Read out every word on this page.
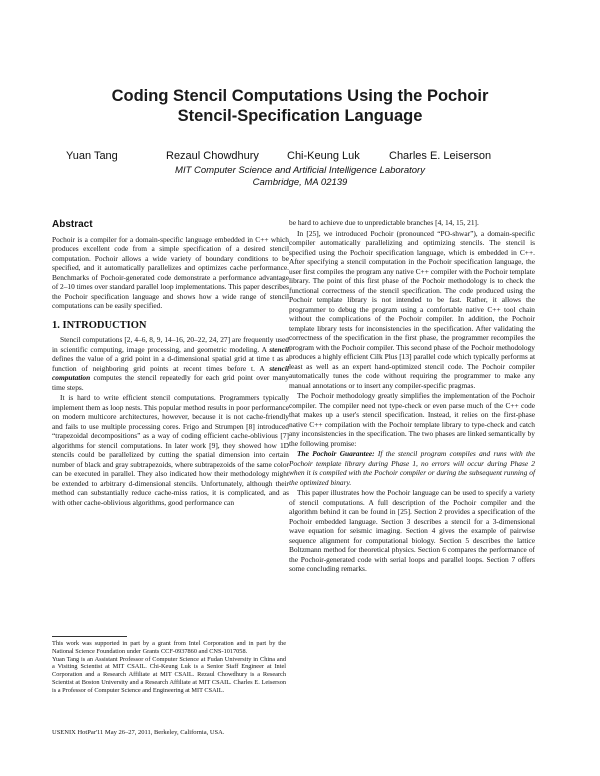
Coding Stencil Computations Using the Pochoir
Stencil-Specification Language
Yuan Tang	Rezaul Chowdhury	Chi-Keung Luk	Charles E. Leiserson
MIT Computer Science and Artificial Intelligence Laboratory
Cambridge, MA 02139
Abstract

Pochoir is a compiler for a domain-specific language embedded in C++ which produces excellent code from a simple specification of a desired stencil computation. Pochoir allows a wide variety of boundary conditions to be specified, and it automatically parallelizes and optimizes cache performance. Benchmarks of Pochoir-generated code demonstrate a performance advantage of 2–10 times over standard parallel loop implementations. This paper describes the Pochoir specification language and shows how a wide range of stencil computations can be easily specified.

1. INTRODUCTION

Stencil computations [2, 4–6, 8, 9, 14–16, 20–22, 24, 27] are frequently used in scientific computing, image processing, and geometric modeling. A stencil defines the value of a grid point in a d-dimensional spatial grid at time t as a function of neighboring grid points at recent times before t. A stencil computation computes the stencil repeatedly for each grid point over many time steps.

It is hard to write efficient stencil computations. Programmers typically implement them as loop nests. This popular method results in poor performance on modern multicore architectures, however, because it is not cache-friendly and fails to use multiple processing cores. Frigo and Strumpen [8] introduced “trapezoidal decompositions” as a way of coding efficient cache-oblivious [7] algorithms for stencil computations. In later work [9], they showed how 1D stencils could be parallelized by cutting the spatial dimension into certain number of black and gray subtrapezoids, where subtrapezoids of the same color can be executed in parallel. They also indicated how their methodology might be extended to arbitrary d-dimensional stencils. Unfortunately, although their method can substantially reduce cache-miss ratios, it is complicated, and as with other cache-oblivious algorithms, good performance can

This work was supported in part by a grant from Intel Corporation and in part by the National Science Foundation under Grants CCF-0937860 and CNS-1017058.

Yuan Tang is an Assistant Professor of Computer Science at Fudan University in China and a Visiting Scientist at MIT CSAIL. Chi-Keung Luk is a Senior Staff Engineer at Intel Corporation and a Research Affiliate at MIT CSAIL. Rezaul Chowdhury is a Research Scientist at Boston University and a Research Affiliate at MIT CSAIL. Charles E. Leiserson is a Professor of Computer Science and Engineering at MIT CSAIL.

USENIX HotPar'11 May 26–27, 2011, Berkeley, California, USA.

be hard to achieve due to unpredictable branches [4, 14, 15, 21].

In [25], we introduced Pochoir (pronounced “PO-shwar”), a domain-specific compiler automatically parallelizing and optimizing stencils. The stencil is specified using the Pochoir specification language, which is embedded in C++. After specifying a stencil computation in the Pochoir specification language, the user first compiles the program any native C++ compiler with the Pochoir template library. The point of this first phase of the Pochoir methodology is to check the functional correctness of the stencil specification. The code produced using the Pochoir template library is not intended to be fast. Rather, it allows the programmer to debug the program using a comfortable native C++ tool chain without the complications of the Pochoir compiler. In addition, the Pochoir template library tests for inconsistencies in the specification. After validating the correctness of the specification in the first phase, the programmer recompiles the program with the Pochoir compiler. This second phase of the Pochoir methodology produces a highly efficient Cilk Plus [13] parallel code which typically performs at least as well as an expert hand-optimized stencil code. The Pochoir compiler automatically tunes the code without requiring the programmer to make any manual annotations or to insert any compiler-specific pragmas.

The Pochoir methodology greatly simplifies the implementation of the Pochoir compiler. The compiler need not type-check or even parse much of the C++ code that makes up a user's stencil specification. Instead, it relies on the first-phase native C++ compilation with the Pochoir template library to type-check and catch any inconsistencies in the specification. The two phases are linked semantically by the following promise:

The Pochoir Guarantee: If the stencil program compiles and runs with the Pochoir template library during Phase 1, no errors will occur during Phase 2 when it is compiled with the Pochoir compiler or during the subsequent running of the optimized binary.

This paper illustrates how the Pochoir language can be used to specify a variety of stencil computations. A full description of the Pochoir compiler and the algorithm behind it can be found in [25]. Section 2 provides a specification of the Pochoir embedded language. Section 3 describes a stencil for a 3-dimensional wave equation for seismic imaging. Section 4 gives the example of pairwise sequence alignment for computational biology. Section 5 describes the lattice Boltzmann method for theoretical physics. Section 6 compares the performance of the Pochoir-generated code with serial loops and parallel loops. Section 7 offers some concluding remarks.
